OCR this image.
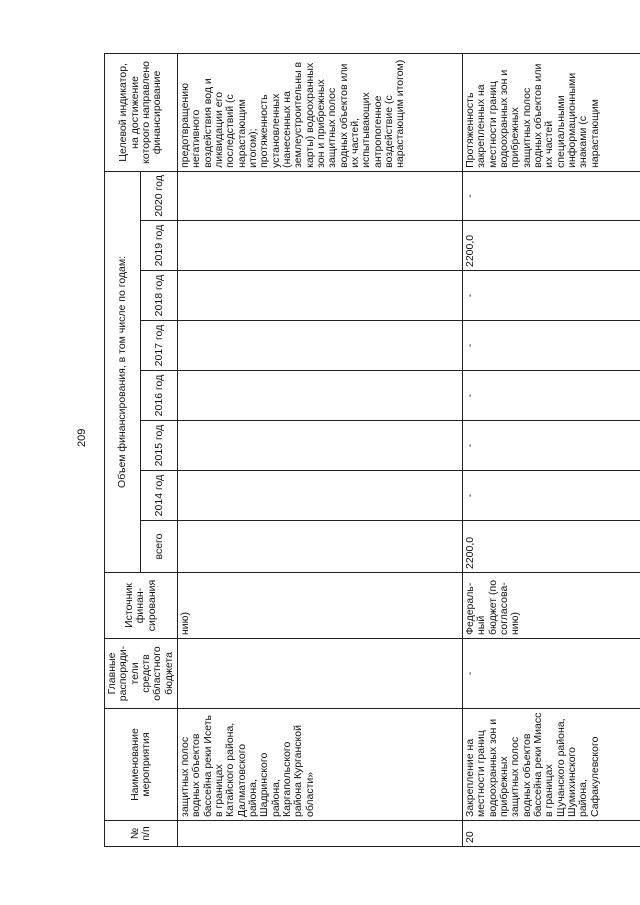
209
№ п/п	Наименование мероприятия	Главные распоряди-тели средств областного бюджета	Источник финан-сирования	Объем финансирования, в том числе по годам:								Целевой индикатор, на достижение которого направлено финансирование
				всего	2014 год	2015 год	2016 год	2017 год	2018 год	2019 год	2020 год	
	защитных полос водных объектов бассейна реки Исеть в границах Катайского района, Далматовского района, Шадринского района, Каргапольского района Курганской области»		нию)									предотвращению негативного воздействия вод и ликвидации его последствий (с нарастающим итогом); протяженность установленных (нанесенных на землеустроительны в карты) водоохранных зон и прибрежных защитных полос водных объектов или их частей, испытывающих антропогенное воздействие (с нарастающим итогом)
20	Закрепление на местности границ водоохранных зон и прибрежных защитных полос водных объектов бассейна реки Миасс в границах Щучанского района, Шумихинского района, Сафакулевского	-	Федераль-ный бюджет (по согласова-нию)	2200,0	-	-	-	-	-	2200,0	-	Протяженность закрепленных на местности границ водоохранных зон и прибрежных защитных полос водных объектов или их частей специальными информационными знаками (с нарастающим
